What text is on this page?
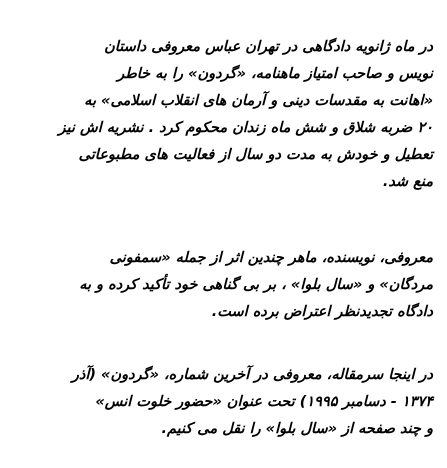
در ماه ژانویه دادگاهی در تهران عباس معروفی داستان
نویس و صاحب امتیاز ماهنامه، «گردون» را به خاطر
«اهانت به مقدسات دینی و آرمان های انقلاب اسلامی» به
۲۰ ضربه شلاق و شش ماه زندان محکوم کرد . نشریه اش نیز
تعطیل و خودش به مدت دو سال از فعالیت های مطبوعاتی
منع شد.
معروفی، نویسنده، ماهر چندین اثر از جمله «سمفونی
مردگان» و «سال بلوا» ، بر بی گناهی خود تأکید کرده و به
دادگاه تجدیدنظر اعتراض برده است.
در اینجا سرمقاله، معروفی در آخرین شماره، «گردون» (آذر
۱۳۷۴ - دسامبر ۱۹۹۵) تحت عنوان «حضور خلوت انس»
و چند صفحه از «سال بلوا» را نقل می کنیم.
